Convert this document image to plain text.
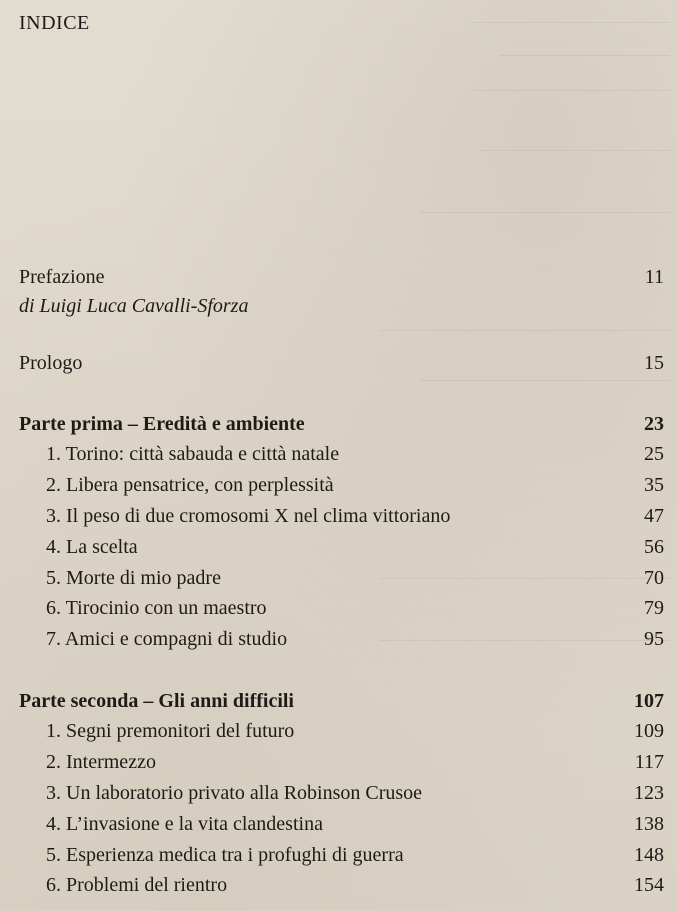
INDICE
Prefazione	11
di Luigi Luca Cavalli-Sforza
Prologo	15
Parte prima – Eredità e ambiente	23
1. Torino: città sabauda e città natale	25
2. Libera pensatrice, con perplessità	35
3. Il peso di due cromosomi X nel clima vittoriano	47
4. La scelta	56
5. Morte di mio padre	70
6. Tirocinio con un maestro	79
7. Amici e compagni di studio	95
Parte seconda – Gli anni difficili	107
1. Segni premonitori del futuro	109
2. Intermezzo	117
3. Un laboratorio privato alla Robinson Crusoe	123
4. L’invasione e la vita clandestina	138
5. Esperienza medica tra i profughi di guerra	148
6. Problemi del rientro	154
